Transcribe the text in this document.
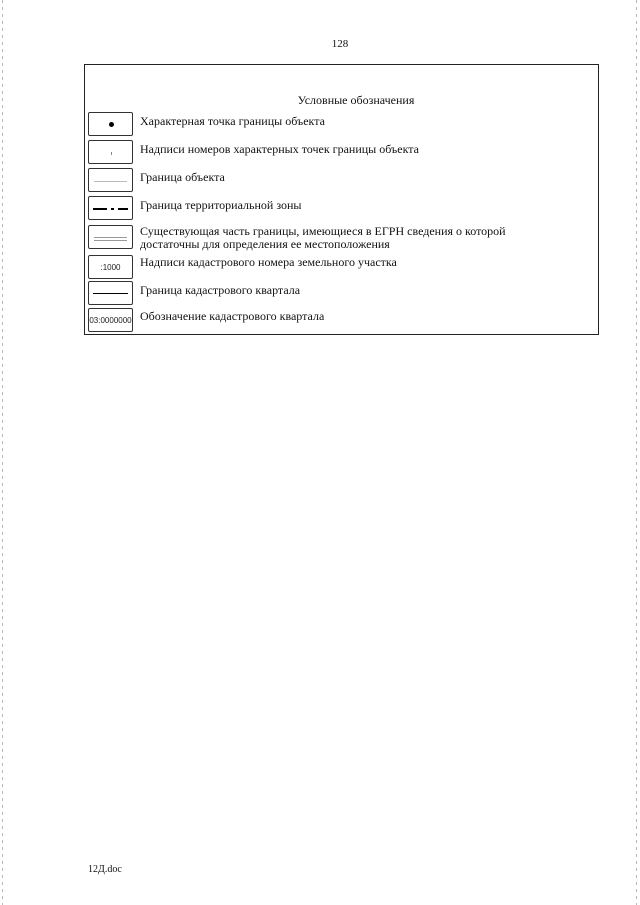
128
Условные обозначения
Характерная точка границы объекта
Надписи номеров характерных точек границы объекта
Граница объекта
Граница территориальной зоны
Существующая часть границы, имеющиеся в ЕГРН сведения о которой достаточны для определения ее местоположения
:1000	Надписи кадастрового номера земельного участка
Граница кадастрового квартала
03:0000000 Обозначение кадастрового квартала
12Д.doc
